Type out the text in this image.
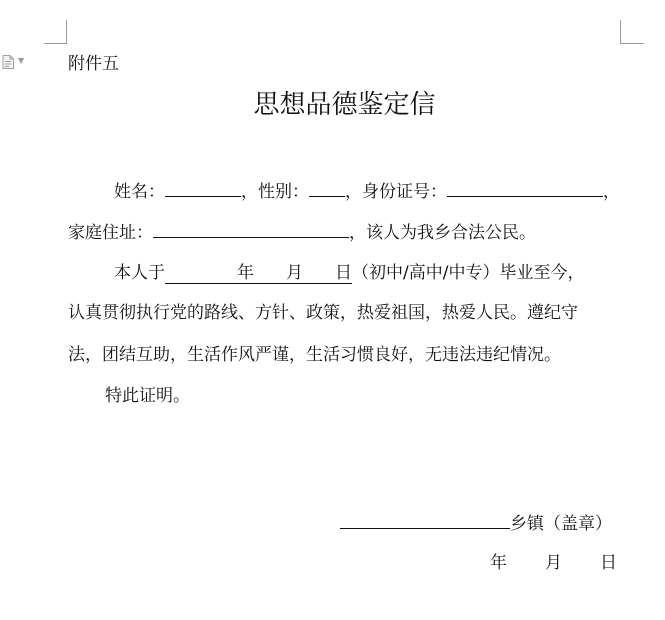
▼	附件五
思想品德鉴定信
姓名：	，性别： ，身份证号：	，
家庭住址：	，该人为我乡合法公民。
本人于	年 月 日（初中/高中/中专）毕业至今，
认真贯彻执行党的路线、方针、政策，热爱祖国，热爱人民。遵纪守
法，团结互助，生活作风严谨，生活习惯良好，无违法违纪情况。
特此证明。
乡镇（盖章）
年 月 日
